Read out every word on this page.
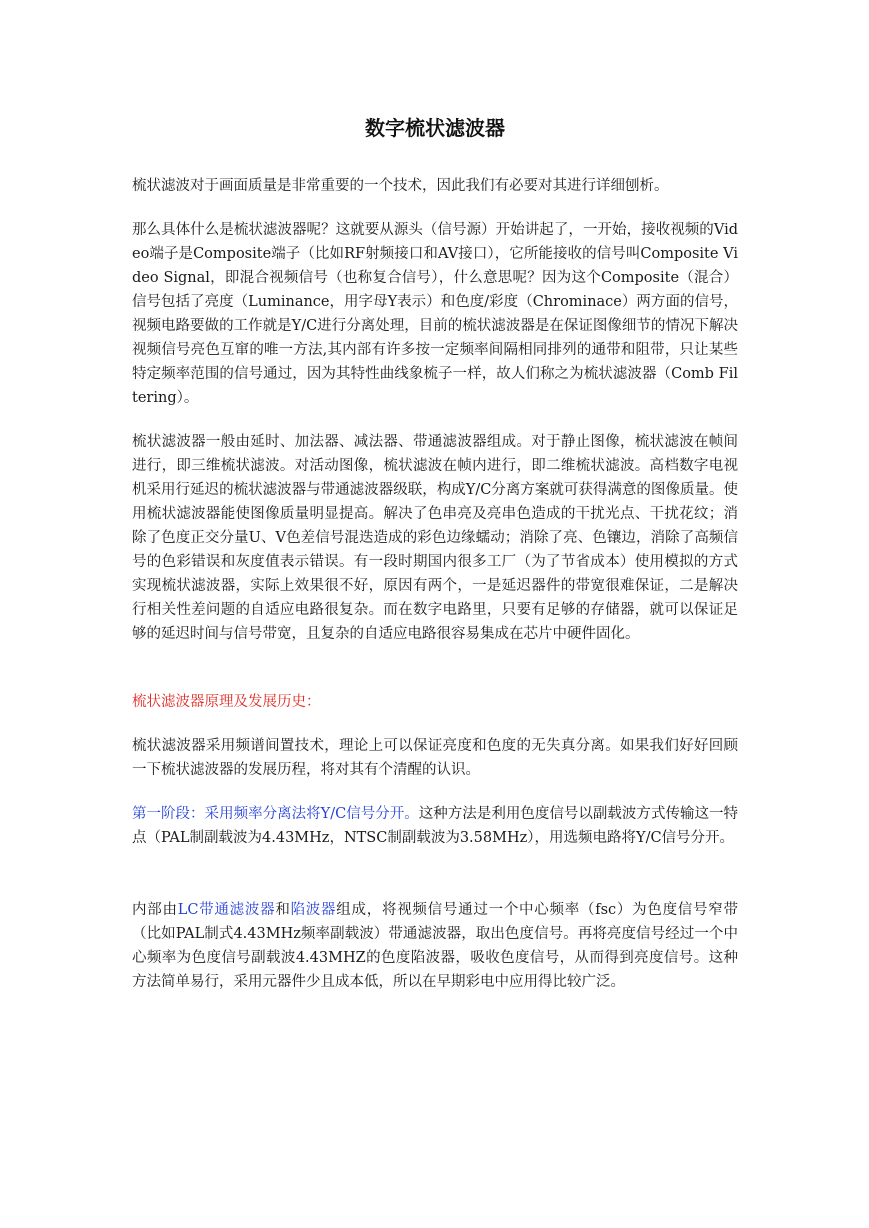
数字梳状滤波器

梳状滤波对于画面质量是非常重要的一个技术，因此我们有必要对其进行详细刨析。

那么具体什么是梳状滤波器呢？这就要从源头（信号源）开始讲起了，一开始，接收视频的Video端子是Composite端子（比如RF射频接口和AV接口），它所能接收的信号叫Composite Video Signal，即混合视频信号（也称复合信号），什么意思呢？因为这个Composite（混合）信号包括了亮度（Luminance，用字母Y表示）和色度/彩度（Chrominace）两方面的信号，视频电路要做的工作就是Y/C进行分离处理，目前的梳状滤波器是在保证图像细节的情况下解决视频信号亮色互窜的唯一方法,其内部有许多按一定频率间隔相同排列的通带和阻带，只让某些特定频率范围的信号通过，因为其特性曲线象梳子一样，故人们称之为梳状滤波器（Comb Filtering）。

梳状滤波器一般由延时、加法器、减法器、带通滤波器组成。对于静止图像，梳状滤波在帧间进行，即三维梳状滤波。对活动图像，梳状滤波在帧内进行，即二维梳状滤波。高档数字电视机采用行延迟的梳状滤波器与带通滤波器级联，构成Y/C分离方案就可获得满意的图像质量。使用梳状滤波器能使图像质量明显提高。解决了色串亮及亮串色造成的干扰光点、干扰花纹；消除了色度正交分量U、V色差信号混迭造成的彩色边缘蠕动；消除了亮、色镶边，消除了高频信号的色彩错误和灰度值表示错误。有一段时期国内很多工厂（为了节省成本）使用模拟的方式实现梳状滤波器，实际上效果很不好，原因有两个，一是延迟器件的带宽很难保证，二是解决行相关性差问题的自适应电路很复杂。而在数字电路里，只要有足够的存储器，就可以保证足够的延迟时间与信号带宽，且复杂的自适应电路很容易集成在芯片中硬件固化。

梳状滤波器原理及发展历史：

梳状滤波器采用频谱间置技术，理论上可以保证亮度和色度的无失真分离。如果我们好好回顾一下梳状滤波器的发展历程，将对其有个清醒的认识。

第一阶段：采用频率分离法将Y/C信号分开。这种方法是利用色度信号以副载波方式传输这一特点（PAL制副载波为4.43MHz，NTSC制副载波为3.58MHz），用选频电路将Y/C信号分开。

内部由LC带通滤波器和陷波器组成，将视频信号通过一个中心频率（fsc）为色度信号窄带（比如PAL制式4.43MHz频率副载波）带通滤波器，取出色度信号。再将亮度信号经过一个中心频率为色度信号副载波4.43MHZ的色度陷波器，吸收色度信号，从而得到亮度信号。这种方法简单易行，采用元器件少且成本低，所以在早期彩电中应用得比较广泛。
